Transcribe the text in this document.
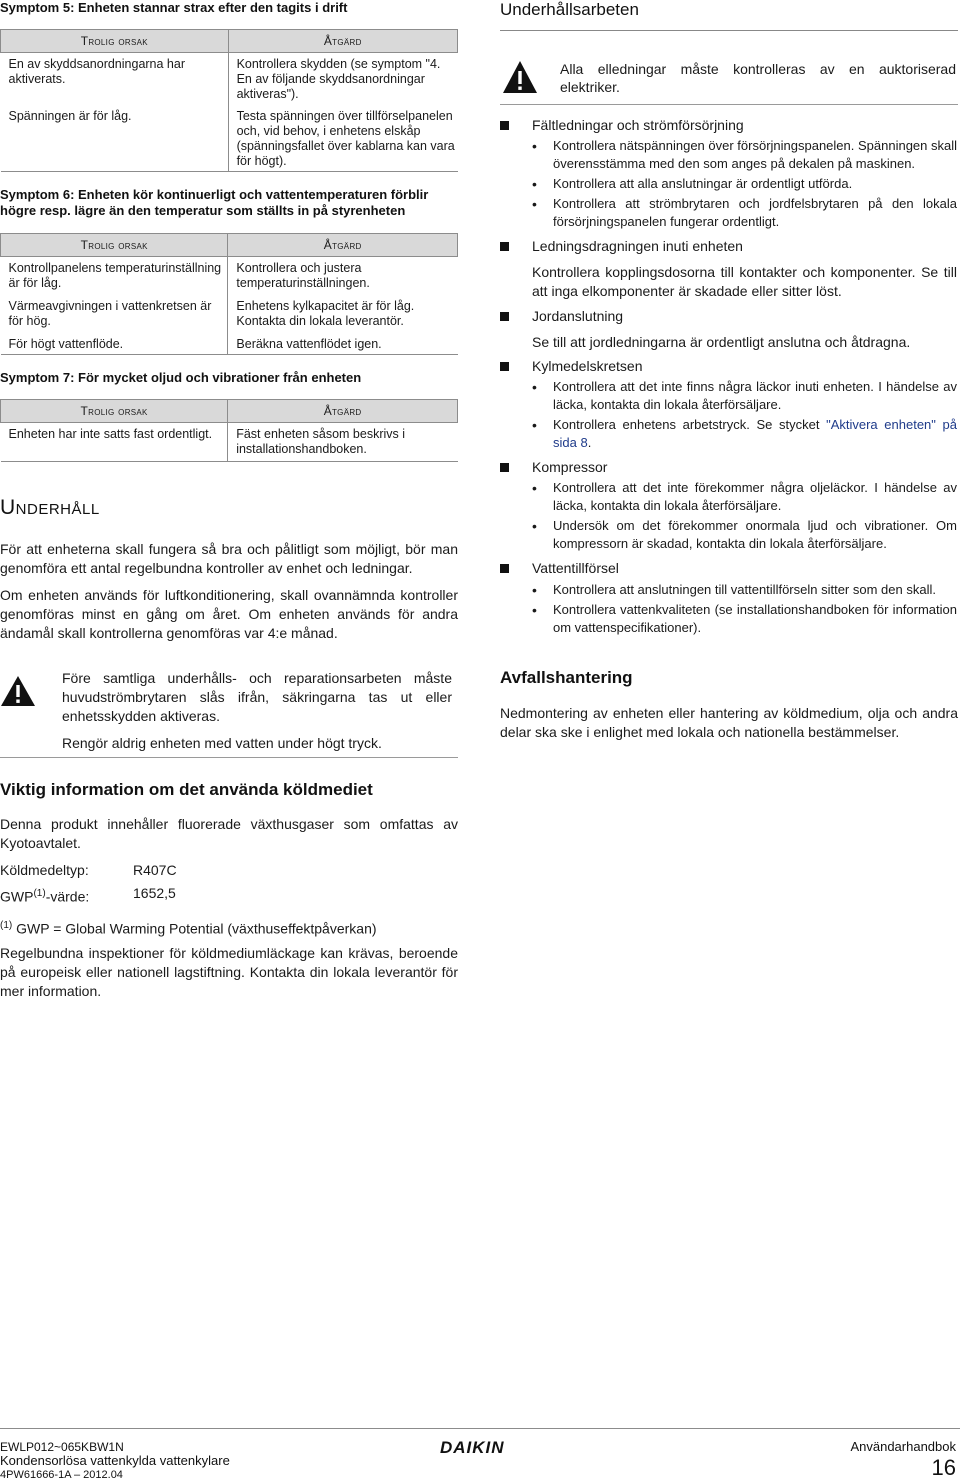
Symptom 5: Enheten stannar strax efter den tagits i drift
Trolig orsak	Åtgärd
En av skyddsanordningarna har aktiverats.	Kontrollera skydden (se symptom "4. En av följande skyddsanordningar aktiveras").
Spänningen är för låg.	Testa spänningen över tillförselpanelen och, vid behov, i enhetens elskåp (spänningsfallet över kablarna kan vara för högt).
Symptom 6: Enheten kör kontinuerligt och vattentemperaturen förblir högre resp. lägre än den temperatur som ställts in på styrenheten
Trolig orsak	Åtgärd
Kontrollpanelens temperaturinställning är för låg.	Kontrollera och justera temperaturinställningen.
Värmeavgivningen i vattenkretsen är för hög.	Enhetens kylkapacitet är för låg. Kontakta din lokala leverantör.
För högt vattenflöde.	Beräkna vattenflödet igen.
Symptom 7: För mycket oljud och vibrationer från enheten
Trolig orsak	Åtgärd
Enheten har inte satts fast ordentligt.	Fäst enheten såsom beskrivs i installationshandboken.
Underhåll
För att enheterna skall fungera så bra och pålitligt som möjligt, bör man genomföra ett antal regelbundna kontroller av enhet och ledningar.
Om enheten används för luftkonditionering, skall ovannämnda kontroller genomföras minst en gång om året. Om enheten används för andra ändamål skall kontrollerna genomföras var 4:e månad.
Före samtliga underhålls- och reparationsarbeten måste huvudströmbrytaren slås ifrån, säkringarna tas ut eller enhetsskydden aktiveras.
Rengör aldrig enheten med vatten under högt tryck.
Viktig information om det använda köldmediet
Denna produkt innehåller fluorerade växthusgaser som omfattas av Kyotoavtalet.
Köldmedeltyp:	R407C
GWP$^{(1)}$-värde:	1652,5
$^{(1)}$ GWP = Global Warming Potential (växthuseffektpåverkan)
Regelbundna inspektioner för köldmediumläckage kan krävas, beroende på europeisk eller nationell lagstiftning. Kontakta din lokala leverantör för mer information.
Underhållsarbeten
Alla elledningar måste kontrolleras av en auktoriserad elektriker.
Fältledningar och strömförsörjning
• Kontrollera nätspänningen över försörjningspanelen. Spänningen skall överensstämma med den som anges på dekalen på maskinen.
• Kontrollera att alla anslutningar är ordentligt utförda.
• Kontrollera att strömbrytaren och jordfelsbrytaren på den lokala försörjningspanelen fungerar ordentligt.
Ledningsdragningen inuti enheten
Kontrollera kopplingsdosorna till kontakter och komponenter. Se till att inga elkomponenter är skadade eller sitter löst.
Jordanslutning
Se till att jordledningarna är ordentligt anslutna och åtdragna.
Kylmedelskretsen
• Kontrollera att det inte finns några läckor inuti enheten. I händelse av läcka, kontakta din lokala återförsäljare.
• Kontrollera enhetens arbetstryck. Se stycket "Aktivera enheten" på sida 8.
Kompressor
• Kontrollera att det inte förekommer några oljeläckor. I händelse av läcka, kontakta din lokala återförsäljare.
• Undersök om det förekommer onormala ljud och vibrationer. Om kompressorn är skadad, kontakta din lokala återförsäljare.
Vattentillförsel
• Kontrollera att anslutningen till vattentillförseln sitter som den skall.
• Kontrollera vattenkvaliteten (se installationshandboken för information om vattenspecifikationer).
Avfallshantering
Nedmontering av enheten eller hantering av köldmedium, olja och andra delar ska ske i enlighet med lokala och nationella bestämmelser.
EWLP012~065KBW1N
Kondensorlösa vattenkylda vattenkylare
4PW61666-1A – 2012.04
DAIKIN	Användarhandbok
16
